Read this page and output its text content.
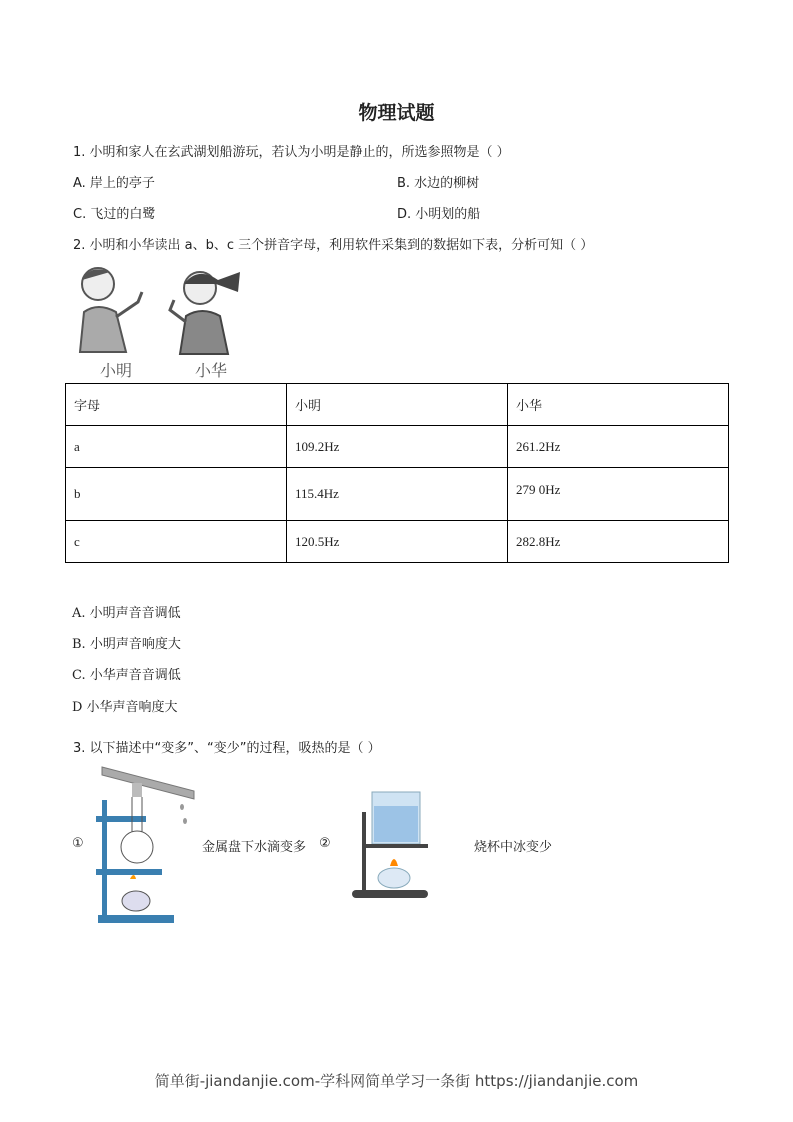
物理试题
1. 小明和家人在玄武湖划船游玩，若认为小明是静止的，所选参照物是（ ）
A. 岸上的亭子	B. 水边的柳树
C. 飞过的白鹭	D. 小明划的船
2. 小明和小华读出 a、b、c 三个拼音字母，利用软件采集到的数据如下表，分析可知（ ）
小明	小华
字母	小明	小华
a	109.2Hz	261.2Hz
b	115.4Hz	279 0Hz
c	120.5Hz	282.8Hz
A. 小明声音音调低
B. 小明声音响度大
C. 小华声音音调低
D 小华声音响度大
3. 以下描述中“变多”、“变少”的过程，吸热的是（ ）
①	金属盘下水滴变多 ②	烧杯中冰变少
简单街-jiandanjie.com-学科网简单学习一条街 https://jiandanjie.com
